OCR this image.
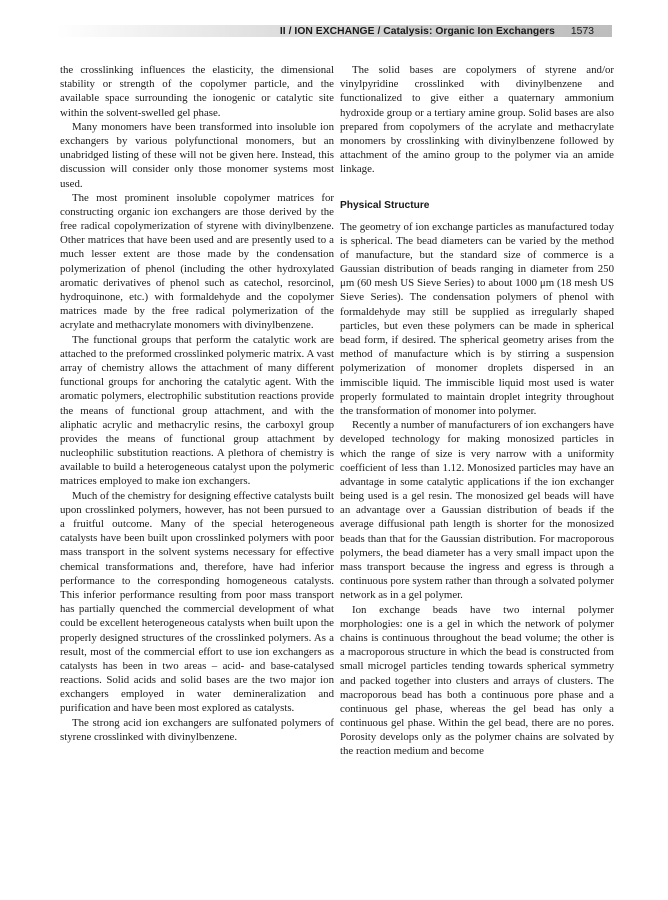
II / ION EXCHANGE / Catalysis: Organic Ion Exchangers 1573

the crosslinking influences the elasticity, the dimensional stability or strength of the copolymer particle, and the available space surrounding the ionogenic or catalytic site within the solvent-swelled gel phase.

Many monomers have been transformed into insoluble ion exchangers by various polyfunctional monomers, but an unabridged listing of these will not be given here. Instead, this discussion will consider only those monomer systems most used.

The most prominent insoluble copolymer matrices for constructing organic ion exchangers are those derived by the free radical copolymerization of styrene with divinylbenzene. Other matrices that have been used and are presently used to a much lesser extent are those made by the condensation polymerization of phenol (including the other hydroxylated aromatic derivatives of phenol such as catechol, resorcinol, hydroquinone, etc.) with formaldehyde and the copolymer matrices made by the free radical polymerization of the acrylate and methacrylate monomers with divinylbenzene.

The functional groups that perform the catalytic work are attached to the preformed crosslinked polymeric matrix. A vast array of chemistry allows the attachment of many different functional groups for anchoring the catalytic agent. With the aromatic polymers, electrophilic substitution reactions provide the means of functional group attachment, and with the aliphatic acrylic and methacrylic resins, the carboxyl group provides the means of functional group attachment by nucleophilic substitution reactions. A plethora of chemistry is available to build a heterogeneous catalyst upon the polymeric matrices employed to make ion exchangers.

Much of the chemistry for designing effective catalysts built upon crosslinked polymers, however, has not been pursued to a fruitful outcome. Many of the special heterogeneous catalysts have been built upon crosslinked polymers with poor mass transport in the solvent systems necessary for effective chemical transformations and, therefore, have had inferior performance to the corresponding homogeneous catalysts. This inferior performance resulting from poor mass transport has partially quenched the commercial development of what could be excellent heterogeneous catalysts when built upon the properly designed structures of the crosslinked polymers. As a result, most of the commercial effort to use ion exchangers as catalysts has been in two areas – acid- and base-catalysed reactions. Solid acids and solid bases are the two major ion exchangers employed in water demineralization and purification and have been most explored as catalysts.

The strong acid ion exchangers are sulfonated polymers of styrene crosslinked with divinylbenzene.

The solid bases are copolymers of styrene and/or vinylpyridine crosslinked with divinylbenzene and functionalized to give either a quaternary ammonium hydroxide group or a tertiary amine group. Solid bases are also prepared from copolymers of the acrylate and methacrylate monomers by crosslinking with divinylbenzene followed by attachment of the amino group to the polymer via an amide linkage.

Physical Structure

The geometry of ion exchange particles as manufactured today is spherical. The bead diameters can be varied by the method of manufacture, but the standard size of commerce is a Gaussian distribution of beads ranging in diameter from 250 μm (60 mesh US Sieve Series) to about 1000 μm (18 mesh US Sieve Series). The condensation polymers of phenol with formaldehyde may still be supplied as irregularly shaped particles, but even these polymers can be made in spherical bead form, if desired. The spherical geometry arises from the method of manufacture which is by stirring a suspension polymerization of monomer droplets dispersed in an immiscible liquid. The immiscible liquid most used is water properly formulated to maintain droplet integrity throughout the transformation of monomer into polymer.

Recently a number of manufacturers of ion exchangers have developed technology for making monosized particles in which the range of size is very narrow with a uniformity coefficient of less than 1.12. Monosized particles may have an advantage in some catalytic applications if the ion exchanger being used is a gel resin. The monosized gel beads will have an advantage over a Gaussian distribution of beads if the average diffusional path length is shorter for the monosized beads than that for the Gaussian distribution. For macroporous polymers, the bead diameter has a very small impact upon the mass transport because the ingress and egress is through a continuous pore system rather than through a solvated polymer network as in a gel polymer.

Ion exchange beads have two internal polymer morphologies: one is a gel in which the network of polymer chains is continuous throughout the bead volume; the other is a macroporous structure in which the bead is constructed from small microgel particles tending towards spherical symmetry and packed together into clusters and arrays of clusters. The macroporous bead has both a continuous pore phase and a continuous gel phase, whereas the gel bead has only a continuous gel phase. Within the gel bead, there are no pores. Porosity develops only as the polymer chains are solvated by the reaction medium and become
